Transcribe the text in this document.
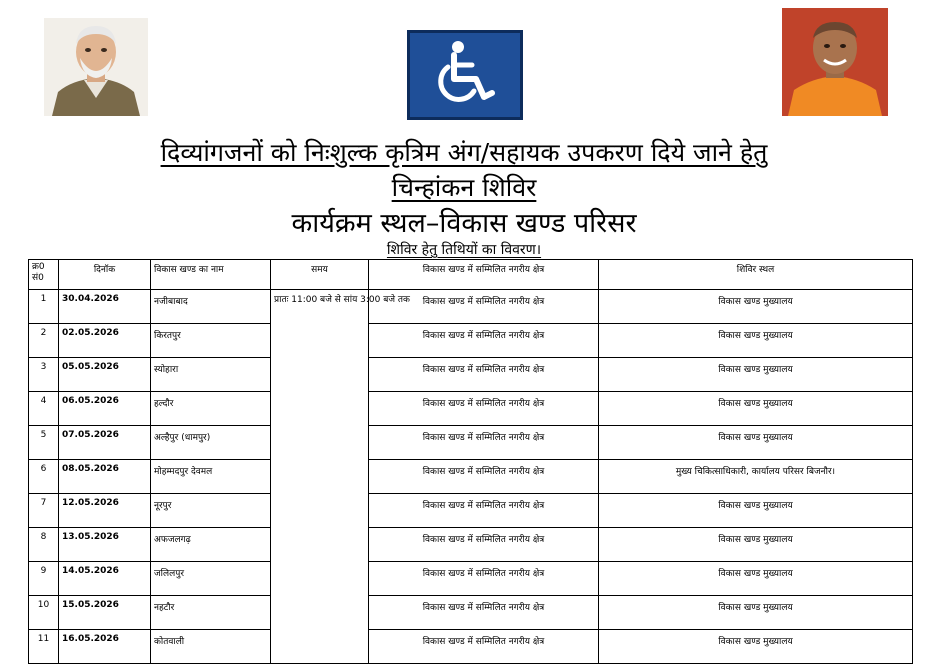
दिव्यांगजनों को निःशुल्क कृत्रिम अंग/सहायक उपकरण दिये जाने हेतु
चिन्हांकन शिविर
कार्यक्रम स्थल–विकास खण्ड परिसर
शिविर हेतु तिथियों का विवरण।
क्र0 सं0	दिनॉक	विकास खण्ड का नाम	समय	विकास खण्ड में सम्मिलित नगरीय क्षेत्र	शिविर स्थल
1	30.04.2026	नजीबाबाद	प्रातः 11:00 बजे से सांय 3:00 बजे तक	विकास खण्ड में सम्मिलित नगरीय क्षेत्र	विकास खण्ड मुख्यालय
2	02.05.2026	किरतपुर		विकास खण्ड में सम्मिलित नगरीय क्षेत्र	विकास खण्ड मुख्यालय
3	05.05.2026	स्योहारा		विकास खण्ड में सम्मिलित नगरीय क्षेत्र	विकास खण्ड मुख्यालय
4	06.05.2026	हल्दौर		विकास खण्ड में सम्मिलित नगरीय क्षेत्र	विकास खण्ड मुख्यालय
5	07.05.2026	अल्हैपुर (धामपुर)		विकास खण्ड में सम्मिलित नगरीय क्षेत्र	विकास खण्ड मुख्यालय
6	08.05.2026	मोहम्मदपुर देवमल		विकास खण्ड में सम्मिलित नगरीय क्षेत्र	मुख्य चिकित्साधिकारी, कार्यालय परिसर बिजनौर।
7	12.05.2026	नूरपुर		विकास खण्ड में सम्मिलित नगरीय क्षेत्र	विकास खण्ड मुख्यालय
8	13.05.2026	अफजलगढ़		विकास खण्ड में सम्मिलित नगरीय क्षेत्र	विकास खण्ड मुख्यालय
9	14.05.2026	जलिलपुर		विकास खण्ड में सम्मिलित नगरीय क्षेत्र	विकास खण्ड मुख्यालय
10	15.05.2026	नहटौर		विकास खण्ड में सम्मिलित नगरीय क्षेत्र	विकास खण्ड मुख्यालय
11	16.05.2026	कोतवाली		विकास खण्ड में सम्मिलित नगरीय क्षेत्र	विकास खण्ड मुख्यालय
